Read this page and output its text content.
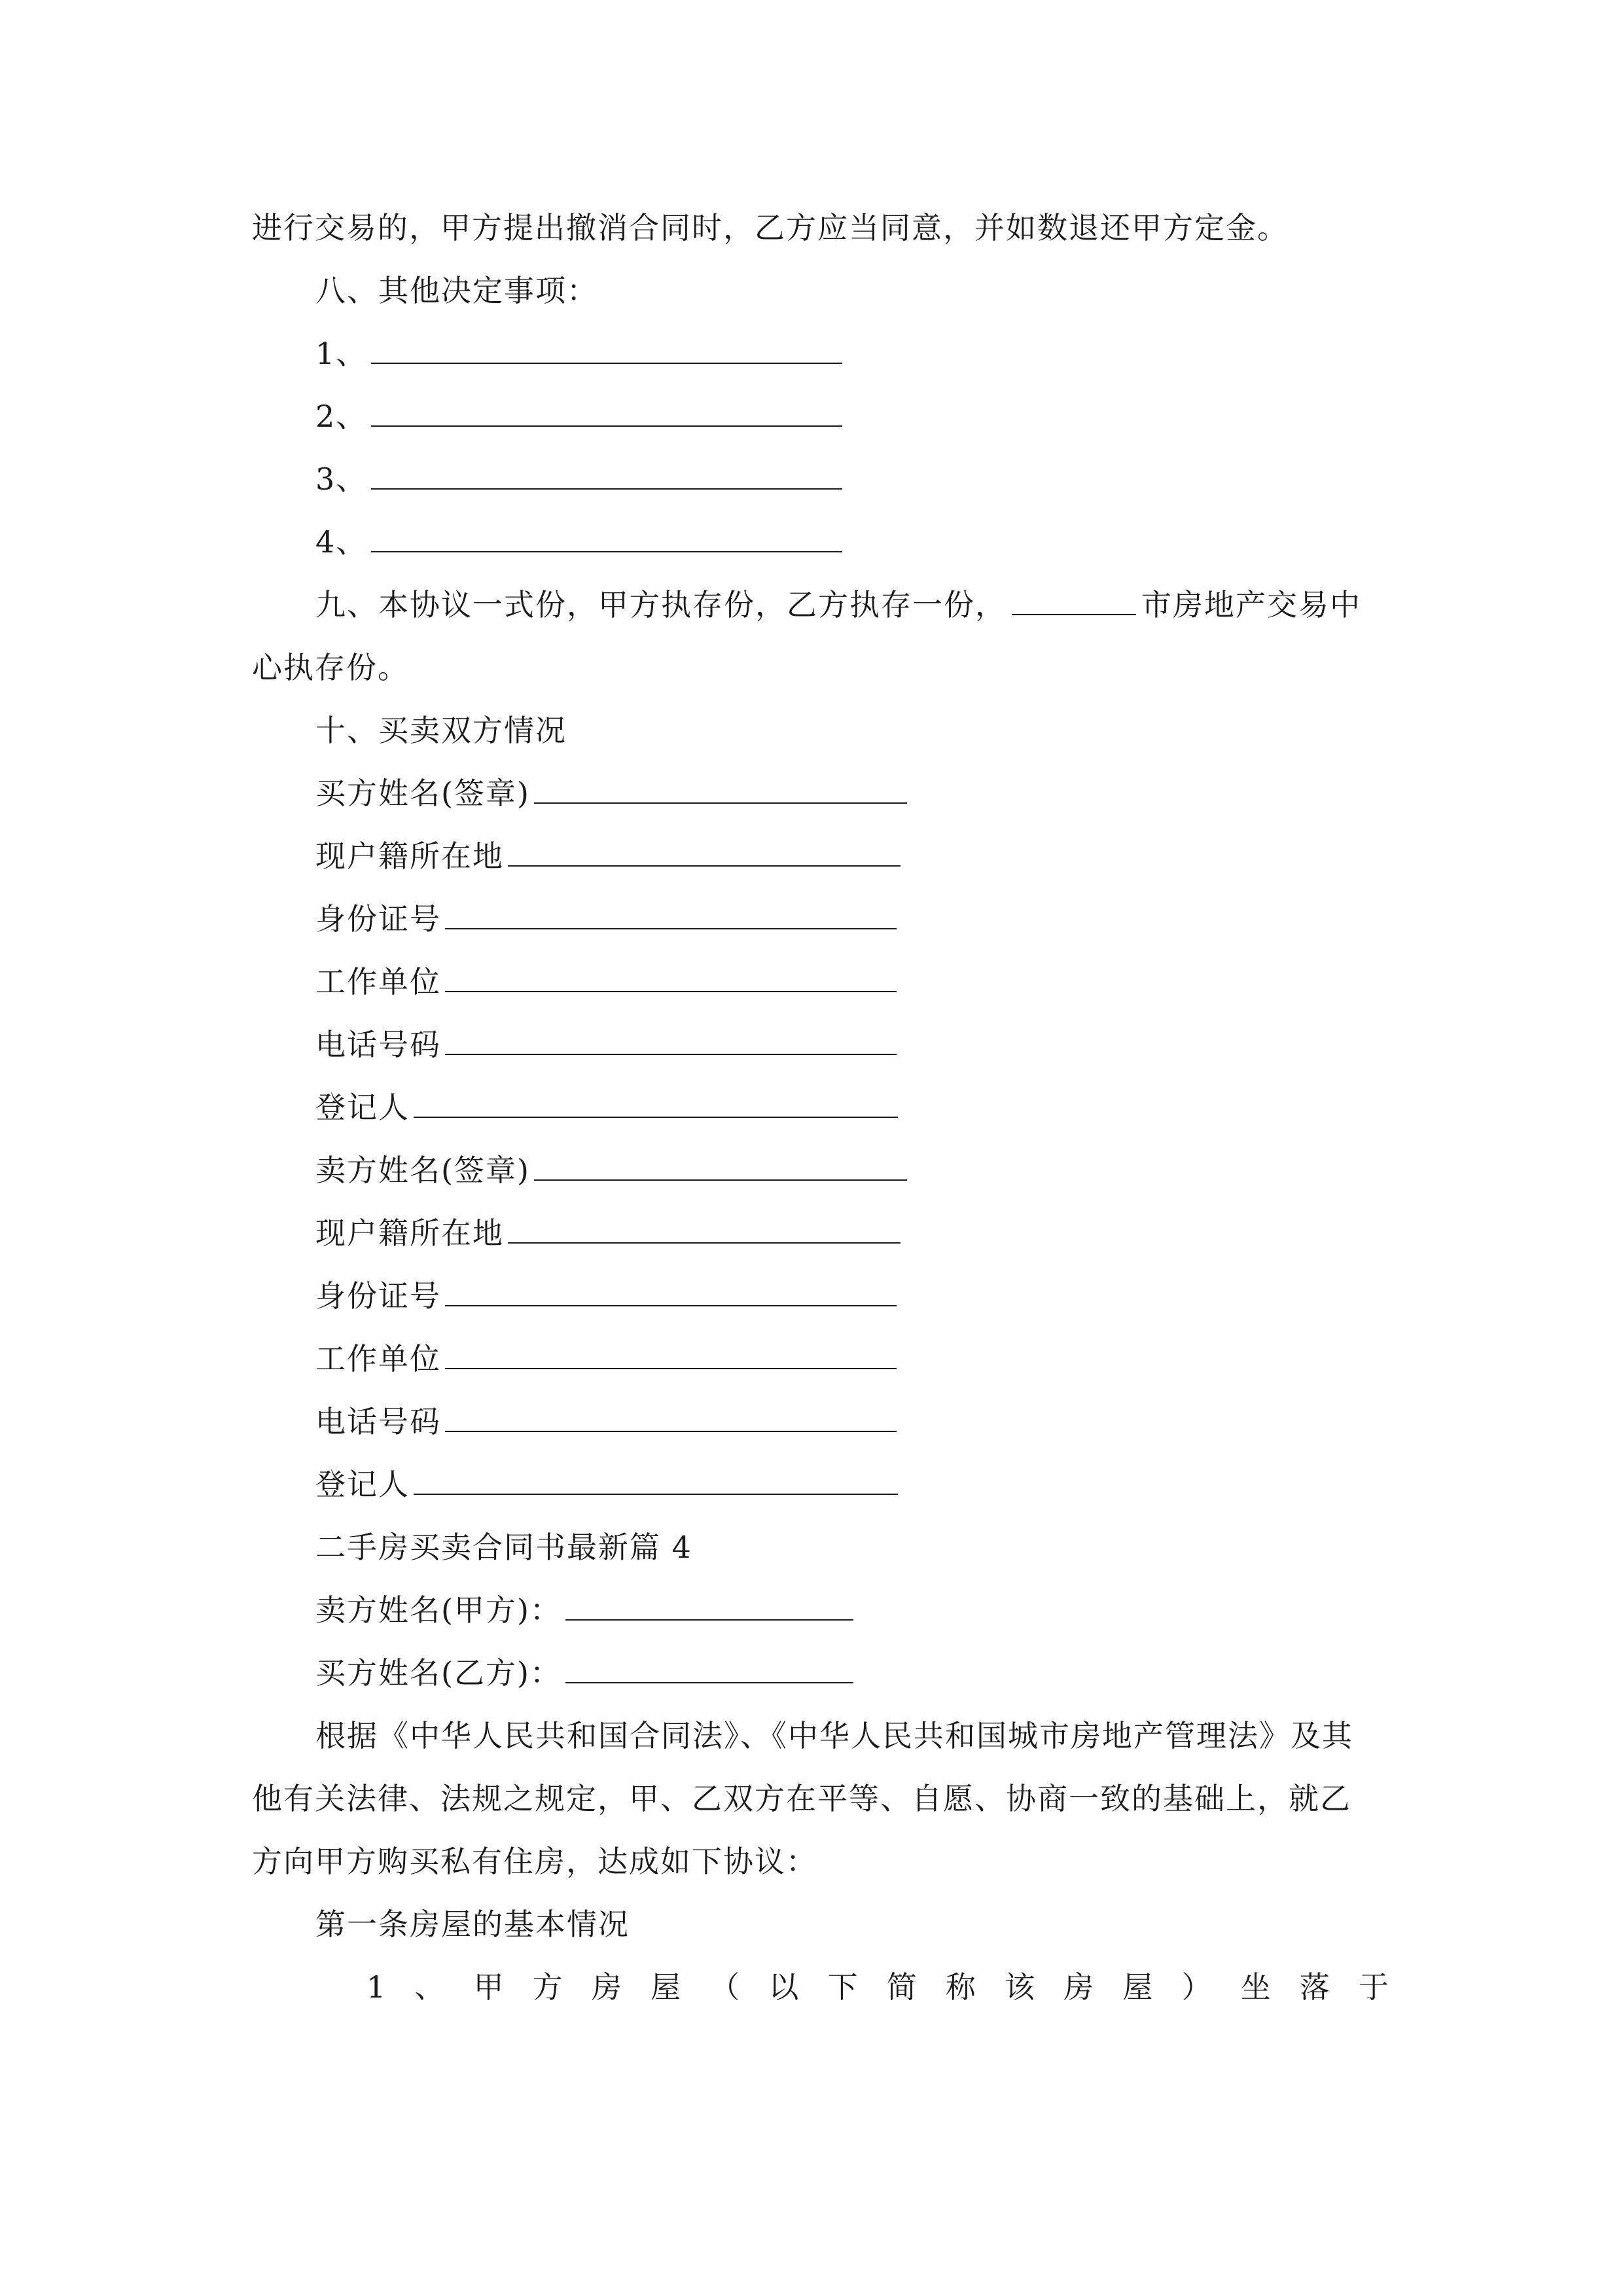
进行交易的，甲方提出撤消合同时，乙方应当同意，并如数退还甲方定金。
八、其他决定事项：
1、
2、
3、
4、
九、本协议一式份，甲方执存份，乙方执存一份，	市房地产交易中
心执存份。
十、买卖双方情况
买方姓名(签章)
现户籍所在地
身份证号
工作单位
电话号码
登记人
卖方姓名(签章)
现户籍所在地
身份证号
工作单位
电话号码
登记人
二手房买卖合同书最新篇 4
卖方姓名(甲方)：
买方姓名(乙方)：
根据《中华人民共和国合同法》、《中华人民共和国城市房地产管理法》及其
他有关法律、法规之规定，甲、乙双方在平等、自愿、协商一致的基础上，就乙
方向甲方购买私有住房，达成如下协议：
第一条房屋的基本情况
1 、 甲 方 房 屋 （ 以 下 简 称 该 房 屋 ） 坐 落 于
